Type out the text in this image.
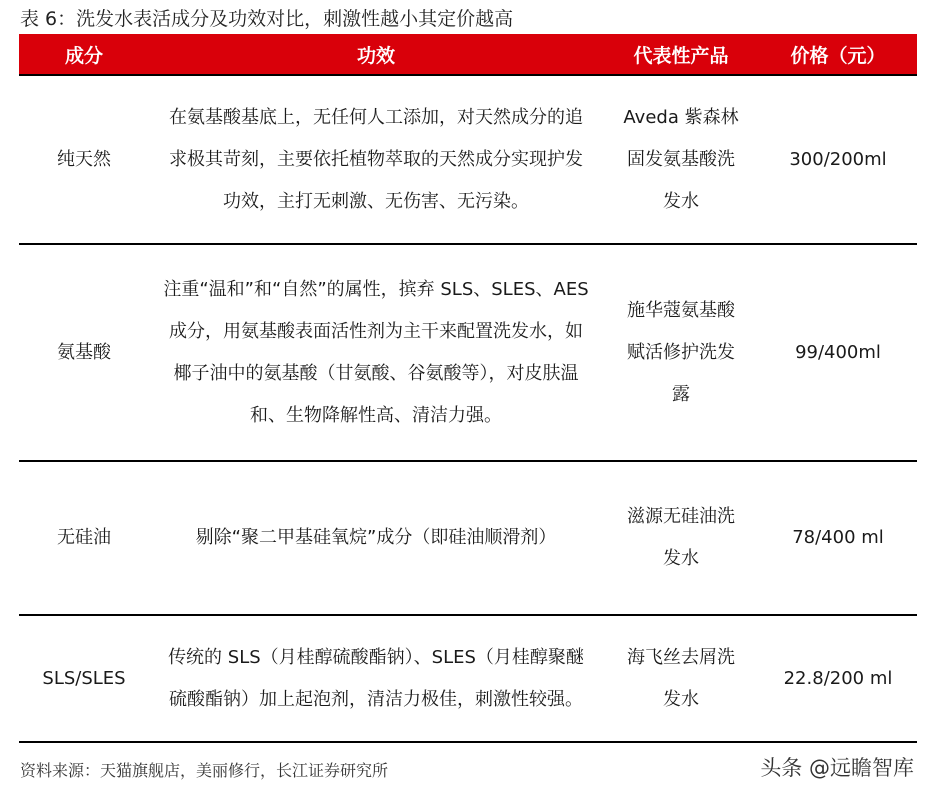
表 6：洗发水表活成分及功效对比，刺激性越小其定价越高
成分	功效	代表性产品	价格（元）
纯天然	在氨基酸基底上，无任何人工添加，对天然成分的追求极其苛刻，主要依托植物萃取的天然成分实现护发功效，主打无刺激、无伤害、无污染。	Aveda 紫森林固发氨基酸洗发水	300/200ml
氨基酸	注重“温和”和“自然”的属性，摈弃 SLS、SLES、AES 成分，用氨基酸表面活性剂为主干来配置洗发水，如椰子油中的氨基酸（甘氨酸、谷氨酸等），对皮肤温和、生物降解性高、清洁力强。	施华蔻氨基酸赋活修护洗发露	99/400ml
无硅油	剔除“聚二甲基硅氧烷”成分（即硅油顺滑剂）	滋源无硅油洗发水	78/400 ml
SLS/SLES	传统的 SLS（月桂醇硫酸酯钠）、SLES（月桂醇聚醚硫酸酯钠）加上起泡剂，清洁力极佳，刺激性较强。	海飞丝去屑洗发水	22.8/200 ml
资料来源：天猫旗舰店，美丽修行，长江证券研究所	头条 @远瞻智库
